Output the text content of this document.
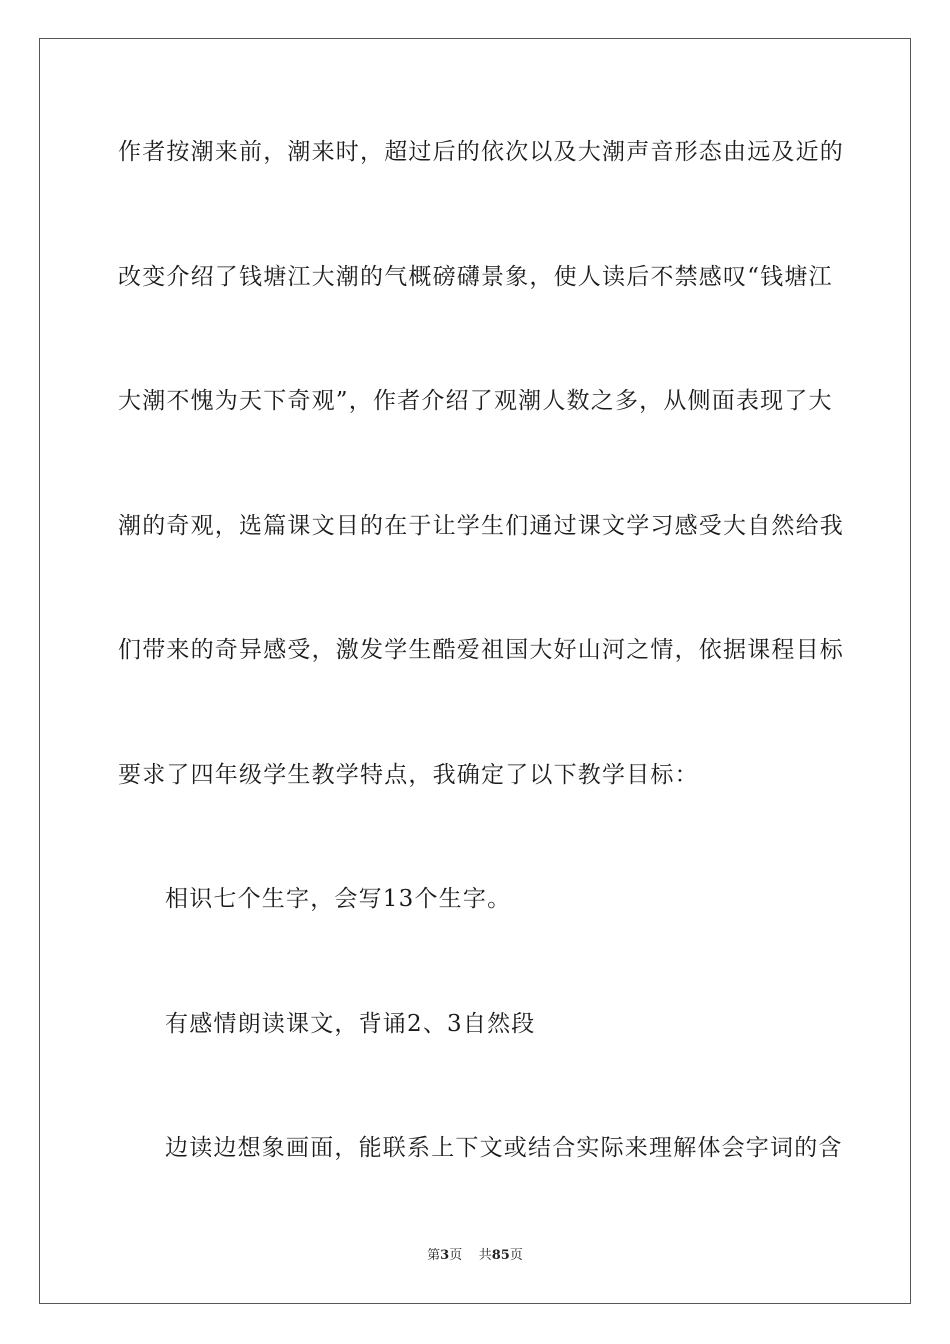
作者按潮来前，潮来时，超过后的依次以及大潮声音形态由远及近的
改变介绍了钱塘江大潮的气概磅礴景象，使人读后不禁感叹“钱塘江
大潮不愧为天下奇观”，作者介绍了观潮人数之多，从侧面表现了大
潮的奇观，选篇课文目的在于让学生们通过课文学习感受大自然给我
们带来的奇异感受，激发学生酷爱祖国大好山河之情，依据课程目标
要求了四年级学生教学特点，我确定了以下教学目标：
相识七个生字，会写13个生字。
有感情朗读课文，背诵2、3自然段
边读边想象画面，能联系上下文或结合实际来理解体会字词的含
第3页 共85页
